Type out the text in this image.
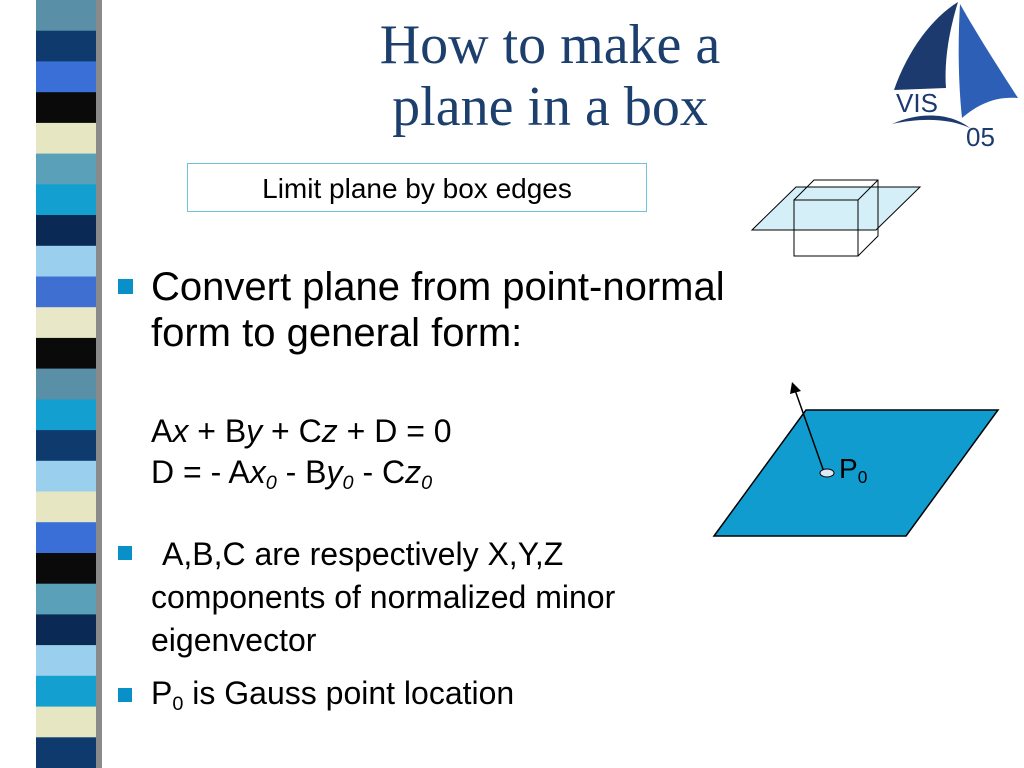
How to make a
plane in a box	VIS
05
Limit plane by box edges
Convert plane from point-normal
form to general form:
Ax + By + Cz + D = 0
D = - $Ax_0 - By_0 - Cz_0$	$P_0$
A,B,C are respectively X,Y,Z
components of normalized minor
eigenvector
$P_0$ is Gauss point location
